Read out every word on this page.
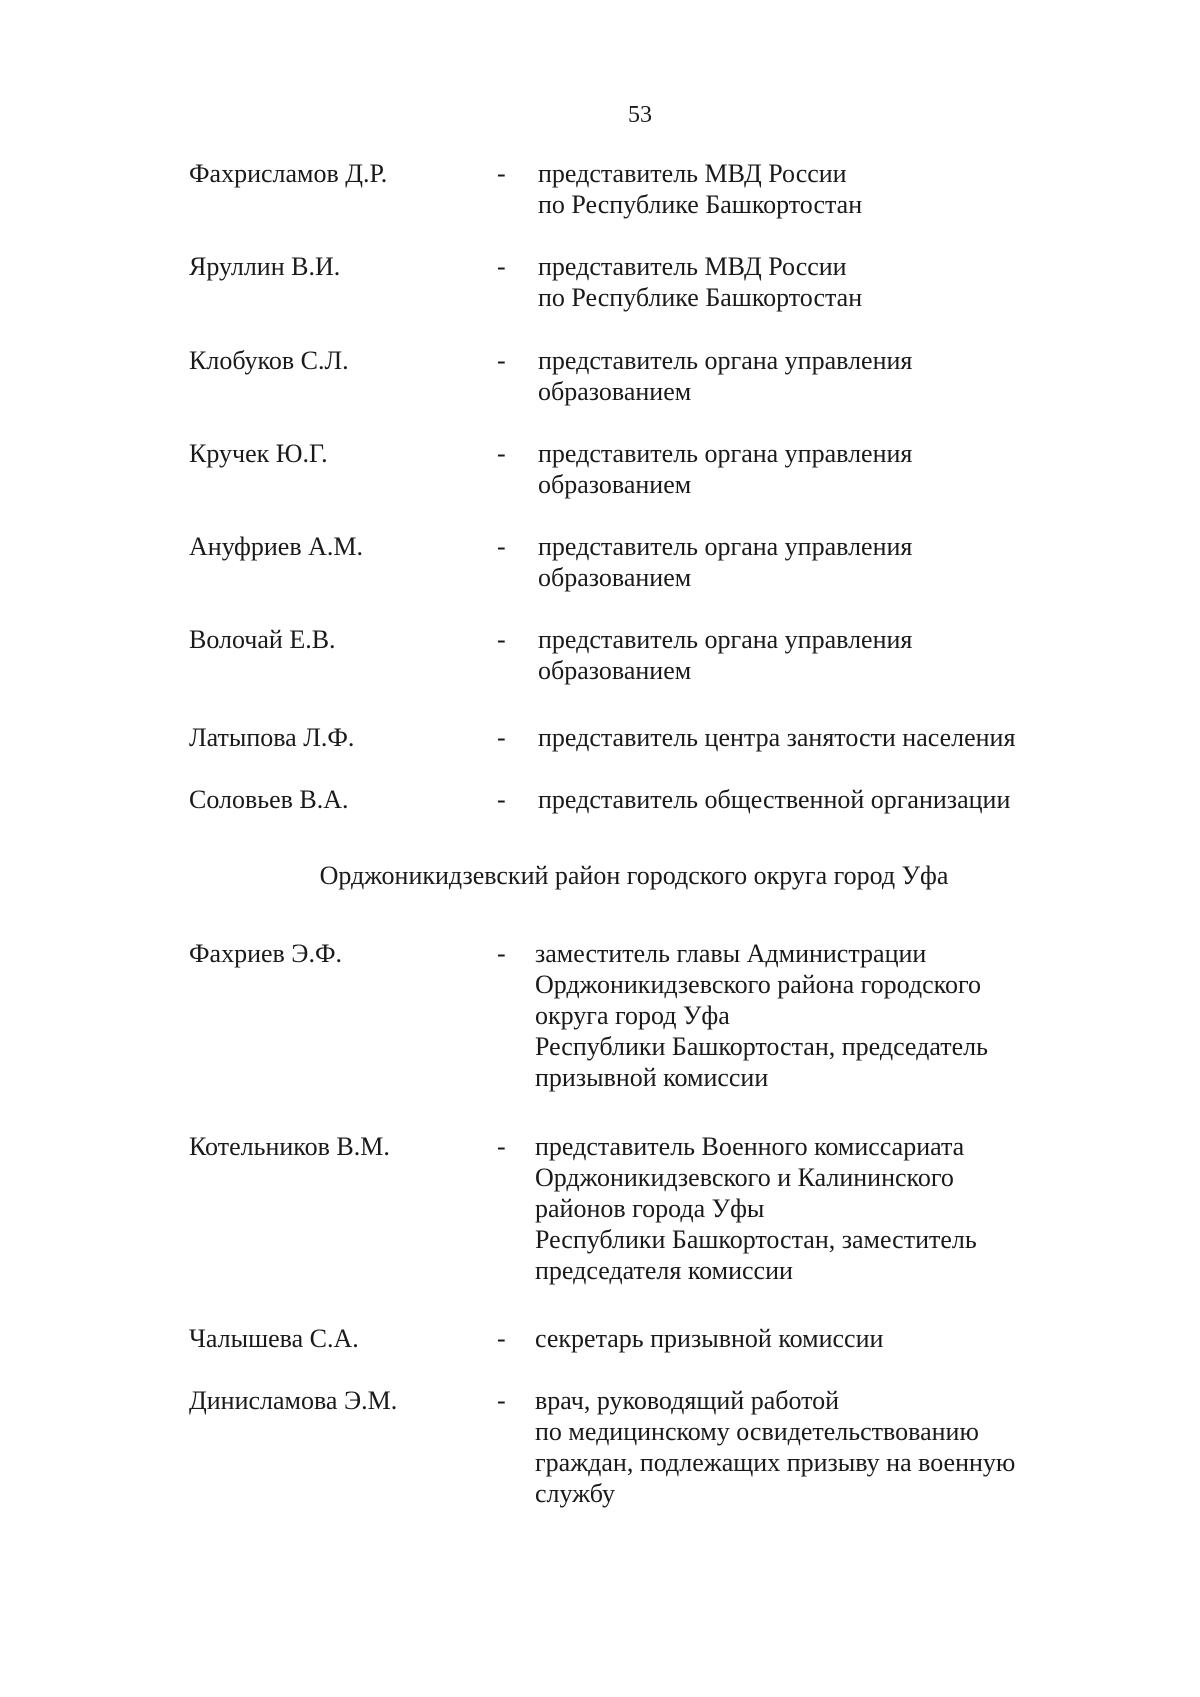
53
Фахрисламов Д.Р.	- представитель МВД России
по Республике Башкортостан
Яруллин В.И.	- представитель МВД России
по Республике Башкортостан
Клобуков С.Л.	- представитель органа управления
образованием
Кручек Ю.Г.	- представитель органа управления
образованием
Ануфриев А.М.	- представитель органа управления
образованием
Волочай Е.В.	- представитель органа управления
образованием
Латыпова Л.Ф.	- представитель центра занятости населения
Соловьев В.А.	- представитель общественной организации
Орджоникидзевский район городского округа город Уфа
Фахриев Э.Ф.	- заместитель главы Администрации
Орджоникидзевского района городского
округа город Уфа
Республики Башкортостан, председатель
призывной комиссии
Котельников В.М.	- представитель Военного комиссариата
Орджоникидзевского и Калининского
районов города Уфы
Республики Башкортостан, заместитель
председателя комиссии
Чалышева С.А.	- секретарь призывной комиссии
Динисламова Э.М.	- врач, руководящий работой
по медицинскому освидетельствованию
граждан, подлежащих призыву на военную
службу
